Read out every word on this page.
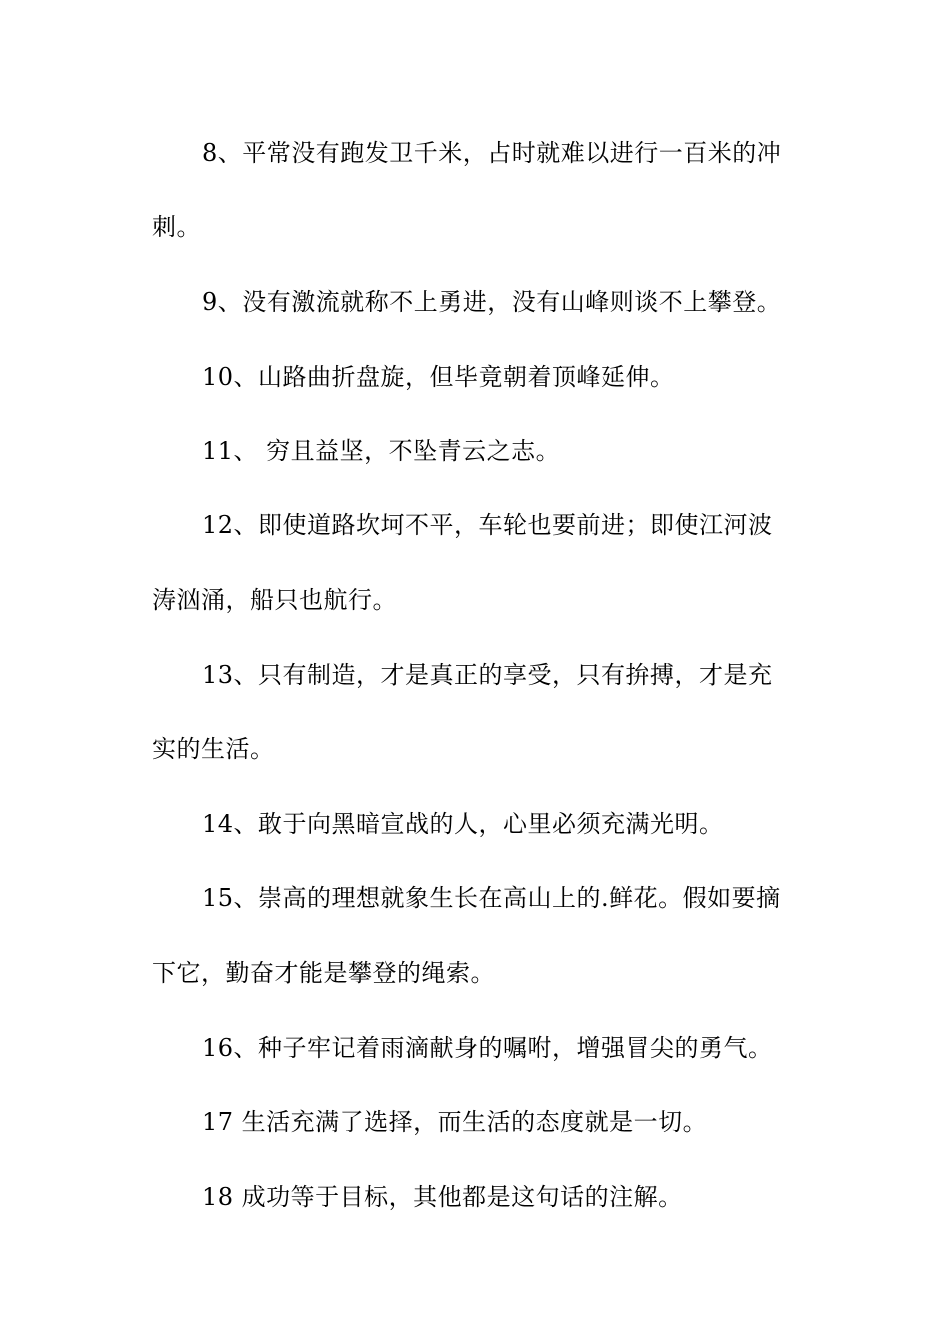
8、平常没有跑发卫千米，占时就难以进行一百米的冲
刺。
9、没有激流就称不上勇进，没有山峰则谈不上攀登。
10、山路曲折盘旋，但毕竟朝着顶峰延伸。
11、 穷且益坚，不坠青云之志。
12、即使道路坎坷不平，车轮也要前进；即使江河波
涛汹涌，船只也航行。
13、只有制造，才是真正的享受，只有拚搏，才是充
实的生活。
14、敢于向黑暗宣战的人，心里必须充满光明。
15、崇高的理想就象生长在高山上的.鲜花。假如要摘
下它，勤奋才能是攀登的绳索。
16、种子牢记着雨滴献身的嘱咐，增强冒尖的勇气。
17 生活充满了选择，而生活的态度就是一切。
18 成功等于目标，其他都是这句话的注解。
